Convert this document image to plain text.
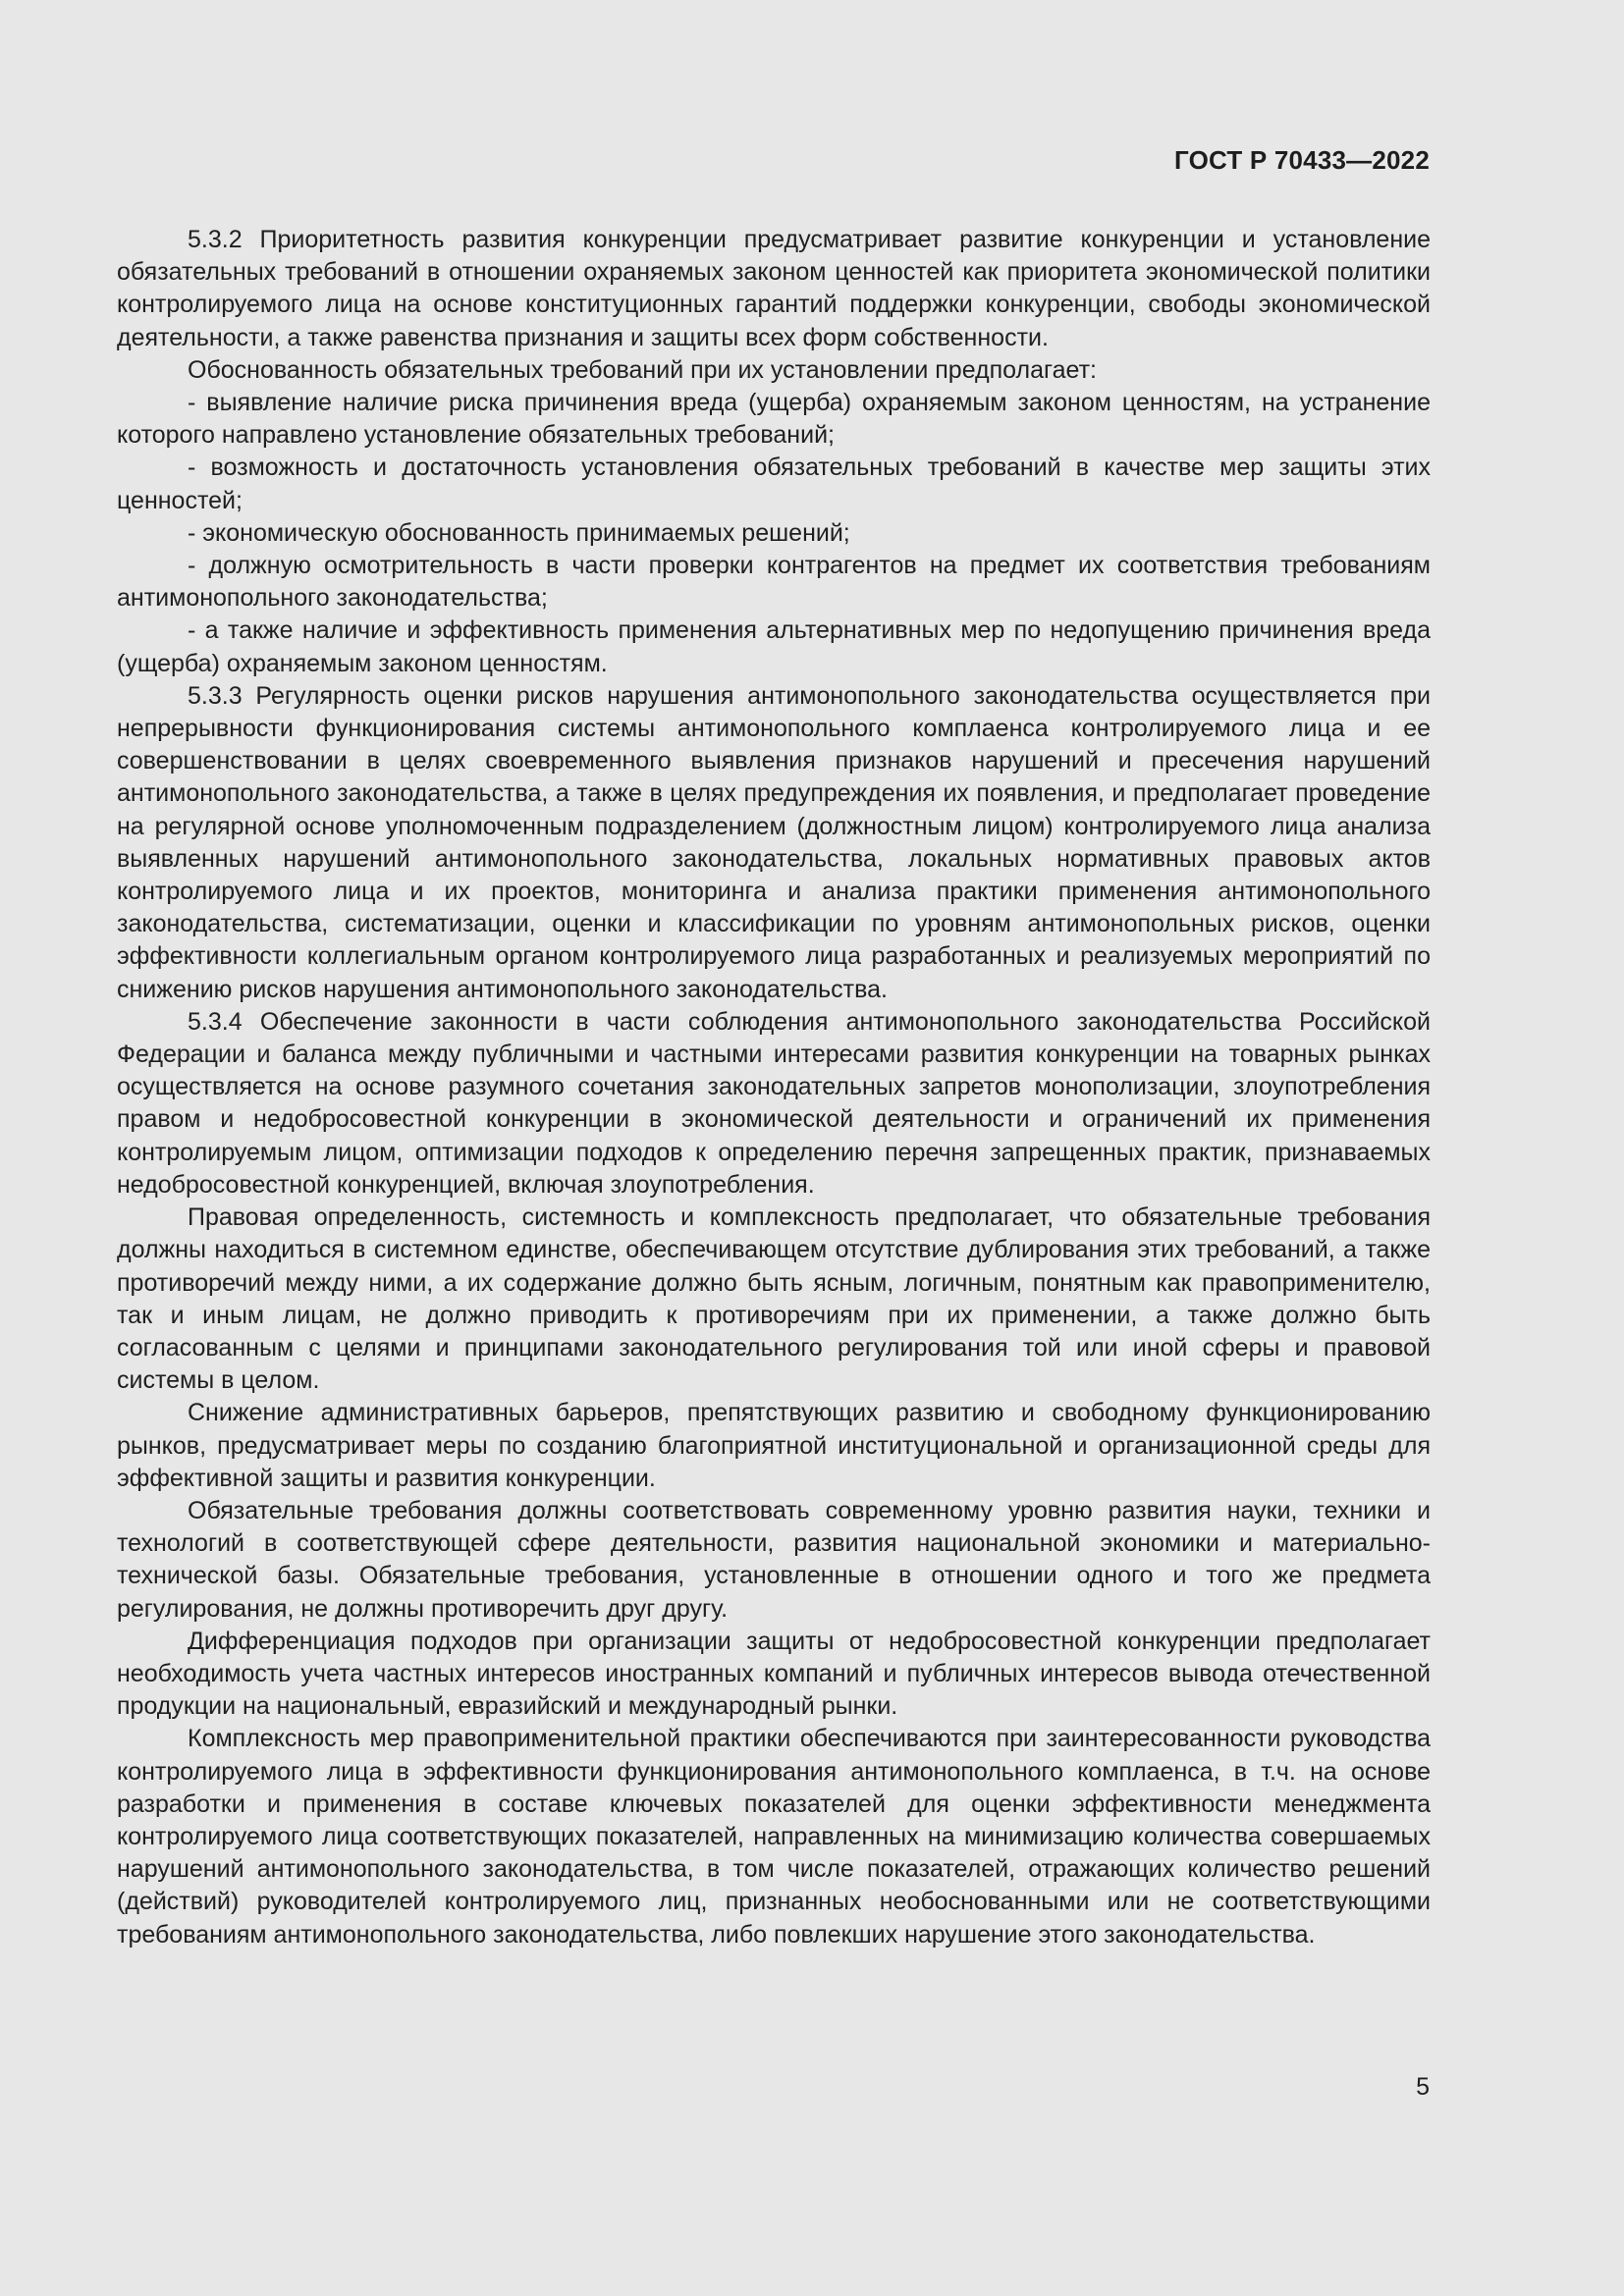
ГОСТ Р 70433—2022

5.3.2 Приоритетность развития конкуренции предусматривает развитие конкуренции и установление обязательных требований в отношении охраняемых законом ценностей как приоритета экономической политики контролируемого лица на основе конституционных гарантий поддержки конкуренции, свободы экономической деятельности, а также равенства признания и защиты всех форм собственности.

Обоснованность обязательных требований при их установлении предполагает:

- выявление наличие риска причинения вреда (ущерба) охраняемым законом ценностям, на устранение которого направлено установление обязательных требований;

- возможность и достаточность установления обязательных требований в качестве мер защиты этих ценностей;

- экономическую обоснованность принимаемых решений;

- должную осмотрительность в части проверки контрагентов на предмет их соответствия требованиям антимонопольного законодательства;

- а также наличие и эффективность применения альтернативных мер по недопущению причинения вреда (ущерба) охраняемым законом ценностям.

5.3.3 Регулярность оценки рисков нарушения антимонопольного законодательства осуществляется при непрерывности функционирования системы антимонопольного комплаенса контролируемого лица и ее совершенствовании в целях своевременного выявления признаков нарушений и пресечения нарушений антимонопольного законодательства, а также в целях предупреждения их появления, и предполагает проведение на регулярной основе уполномоченным подразделением (должностным лицом) контролируемого лица анализа выявленных нарушений антимонопольного законодательства, локальных нормативных правовых актов контролируемого лица и их проектов, мониторинга и анализа практики применения антимонопольного законодательства, систематизации, оценки и классификации по уровням антимонопольных рисков, оценки эффективности коллегиальным органом контролируемого лица разработанных и реализуемых мероприятий по снижению рисков нарушения антимонопольного законодательства.

5.3.4 Обеспечение законности в части соблюдения антимонопольного законодательства Российской Федерации и баланса между публичными и частными интересами развития конкуренции на товарных рынках осуществляется на основе разумного сочетания законодательных запретов монополизации, злоупотребления правом и недобросовестной конкуренции в экономической деятельности и ограничений их применения контролируемым лицом, оптимизации подходов к определению перечня запрещенных практик, признаваемых недобросовестной конкуренцией, включая злоупотребления.

Правовая определенность, системность и комплексность предполагает, что обязательные требования должны находиться в системном единстве, обеспечивающем отсутствие дублирования этих требований, а также противоречий между ними, а их содержание должно быть ясным, логичным, понятным как правоприменителю, так и иным лицам, не должно приводить к противоречиям при их применении, а также должно быть согласованным с целями и принципами законодательного регулирования той или иной сферы и правовой системы в целом.

Снижение административных барьеров, препятствующих развитию и свободному функционированию рынков, предусматривает меры по созданию благоприятной институциональной и организационной среды для эффективной защиты и развития конкуренции.

Обязательные требования должны соответствовать современному уровню развития науки, техники и технологий в соответствующей сфере деятельности, развития национальной экономики и материально-технической базы. Обязательные требования, установленные в отношении одного и того же предмета регулирования, не должны противоречить друг другу.

Дифференциация подходов при организации защиты от недобросовестной конкуренции предполагает необходимость учета частных интересов иностранных компаний и публичных интересов вывода отечественной продукции на национальный, евразийский и международный рынки.

Комплексность мер правоприменительной практики обеспечиваются при заинтересованности руководства контролируемого лица в эффективности функционирования антимонопольного комплаенса, в т.ч. на основе разработки и применения в составе ключевых показателей для оценки эффективности менеджмента контролируемого лица соответствующих показателей, направленных на минимизацию количества совершаемых нарушений антимонопольного законодательства, в том числе показателей, отражающих количество решений (действий) руководителей контролируемого лиц, признанных необоснованными или не соответствующими требованиям антимонопольного законодательства, либо повлекших нарушение этого законодательства.

5
